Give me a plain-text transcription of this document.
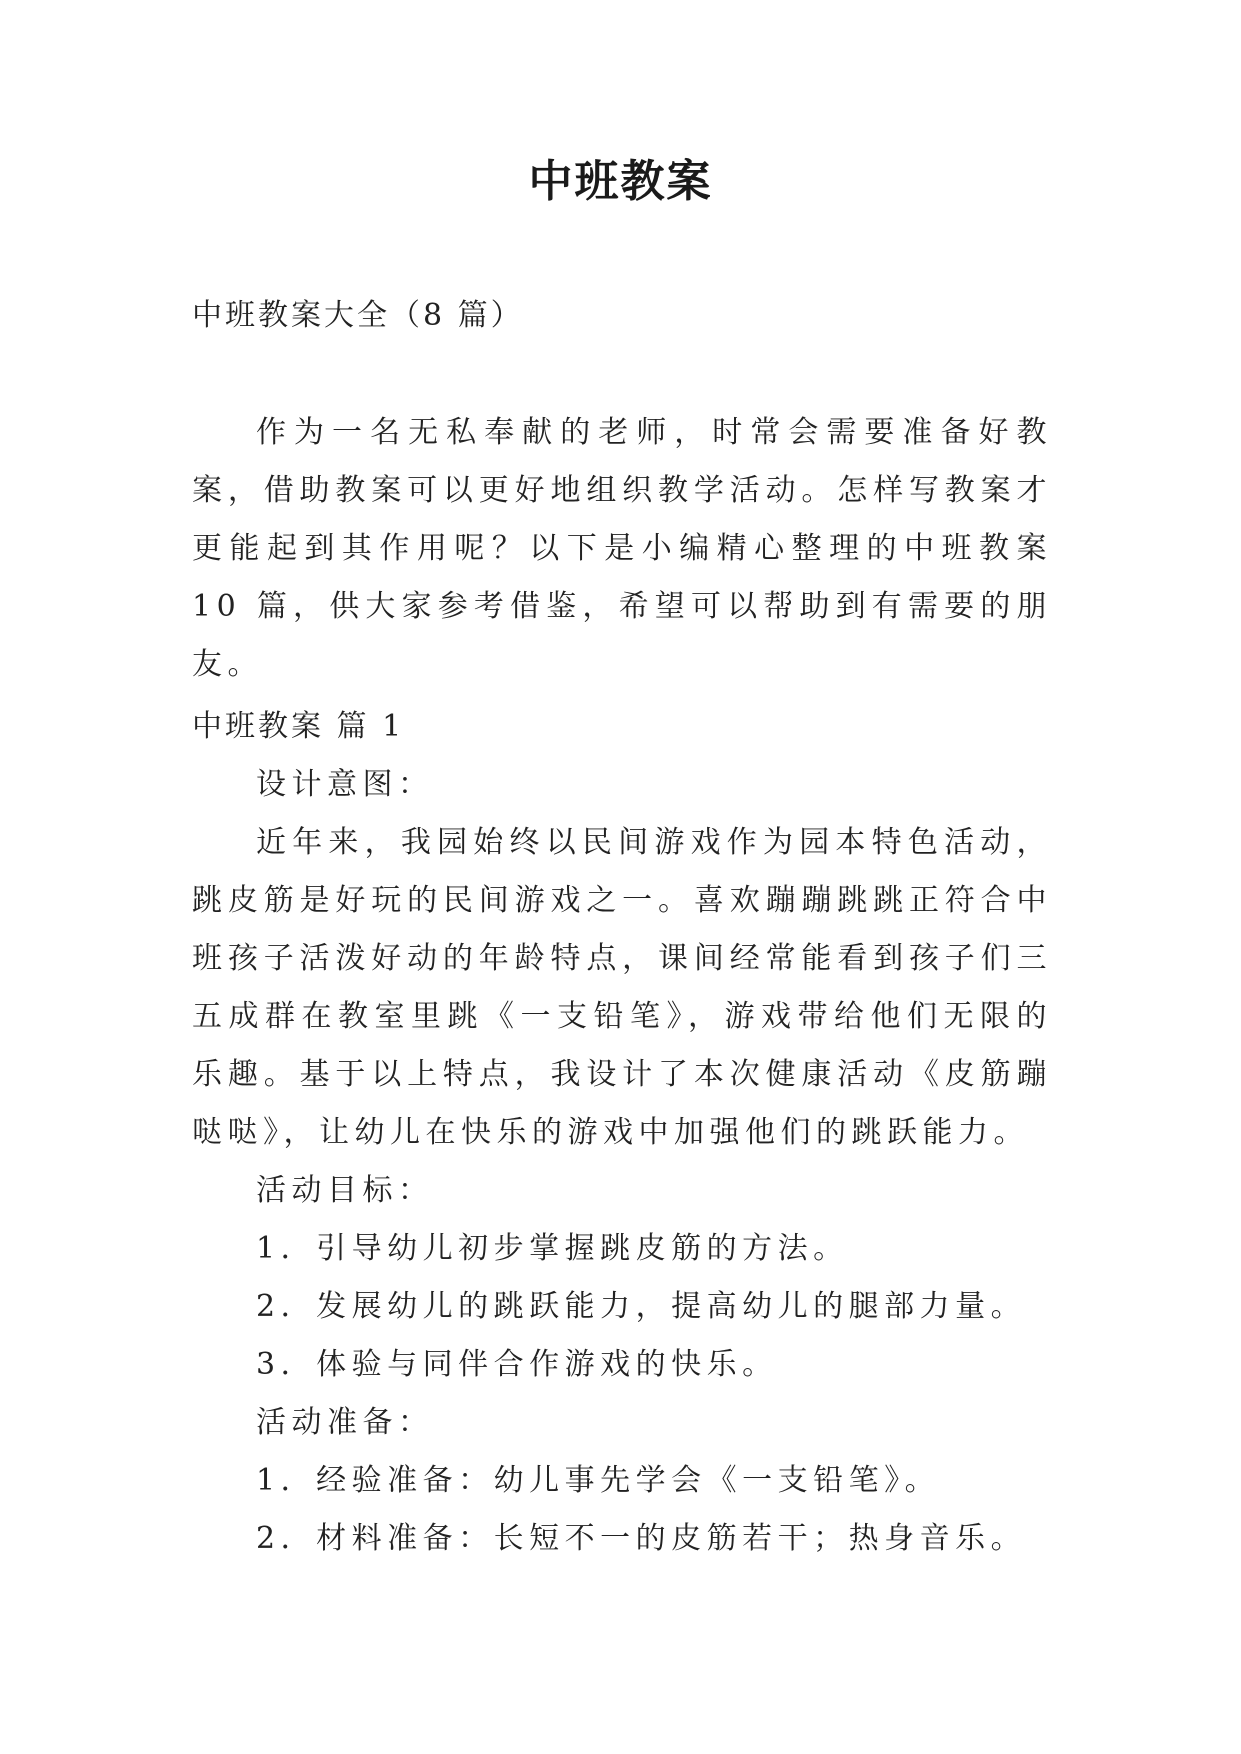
中班教案
中班教案大全（8 篇）
作为一名无私奉献的老师，时常会需要准备好教案，借助教案可以更好地组织教学活动。怎样写教案才更能起到其作用呢？以下是小编精心整理的中班教案 10 篇，供大家参考借鉴，希望可以帮助到有需要的朋友。

中班教案 篇 1

设计意图：

近年来，我园始终以民间游戏作为园本特色活动，跳皮筋是好玩的民间游戏之一。喜欢蹦蹦跳跳正符合中班孩子活泼好动的年龄特点，课间经常能看到孩子们三五成群在教室里跳《一支铅笔》，游戏带给他们无限的乐趣。基于以上特点，我设计了本次健康活动《皮筋蹦哒哒》，让幼儿在快乐的游戏中加强他们的跳跃能力。

活动目标：

1．引导幼儿初步掌握跳皮筋的方法。

2．发展幼儿的跳跃能力，提高幼儿的腿部力量。

3．体验与同伴合作游戏的快乐。

活动准备：

1．经验准备：幼儿事先学会《一支铅笔》。

2．材料准备：长短不一的皮筋若干；热身音乐。
